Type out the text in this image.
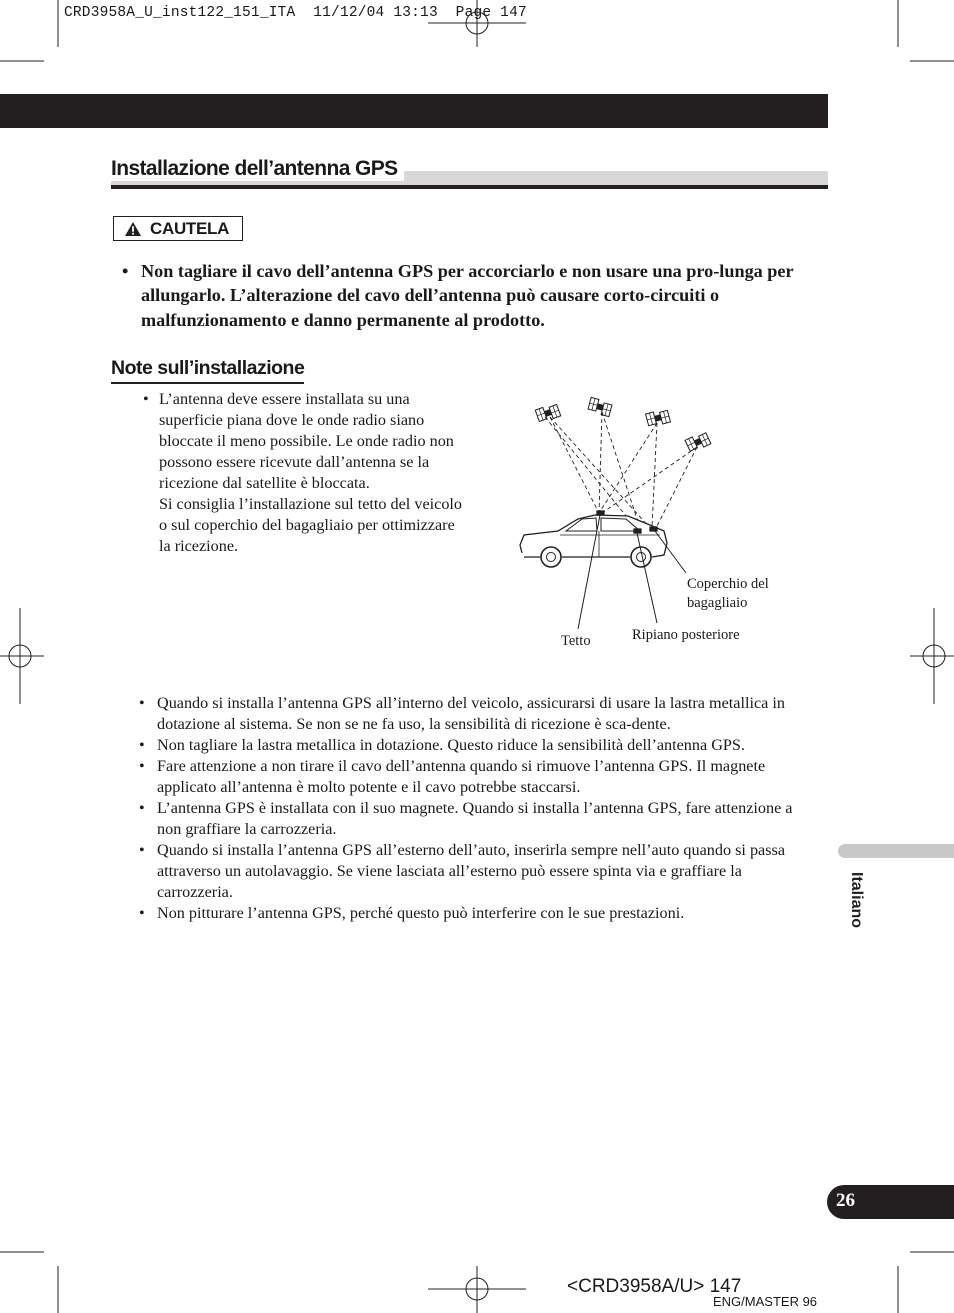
CRD3958A_U_inst122_151_ITA  11/12/04 13:13  Page 147
Installazione dell’antenna GPS
CAUTELA
• Non tagliare il cavo dell’antenna GPS per accorciarlo e non usare una pro-lunga per allungarlo. L’alterazione del cavo dell’antenna può causare corto-circuiti o malfunzionamento e danno permanente al prodotto.
Note sull’installazione
• L’antenna deve essere installata su una superficie piana dove le onde radio siano bloccate il meno possibile. Le onde radio non possono essere ricevute dall’antenna se la ricezione dal satellite è bloccata.
Si consiglia l’installazione sul tetto del veicolo o sul coperchio del bagagliaio per ottimizzare la ricezione.
Coperchio del bagagliaio
Tetto	Ripiano posteriore
• Quando si installa l’antenna GPS all’interno del veicolo, assicurarsi di usare la lastra metallica in dotazione al sistema. Se non se ne fa uso, la sensibilità di ricezione è sca-dente.
• Non tagliare la lastra metallica in dotazione. Questo riduce la sensibilità dell’antenna GPS.
• Fare attenzione a non tirare il cavo dell’antenna quando si rimuove l’antenna GPS. Il magnete applicato all’antenna è molto potente e il cavo potrebbe staccarsi.
• L’antenna GPS è installata con il suo magnete. Quando si installa l’antenna GPS, fare attenzione a non graffiare la carrozzeria.
• Quando si installa l’antenna GPS all’esterno dell’auto, inserirla sempre nell’auto quando si passa attraverso un autolavaggio. Se viene lasciata all’esterno può essere spinta via e graffiare la carrozzeria.
• Non pitturare l’antenna GPS, perché questo può interferire con le sue prestazioni.	Italiano
26
<CRD3958A/U> 147
ENG/MASTER 96
